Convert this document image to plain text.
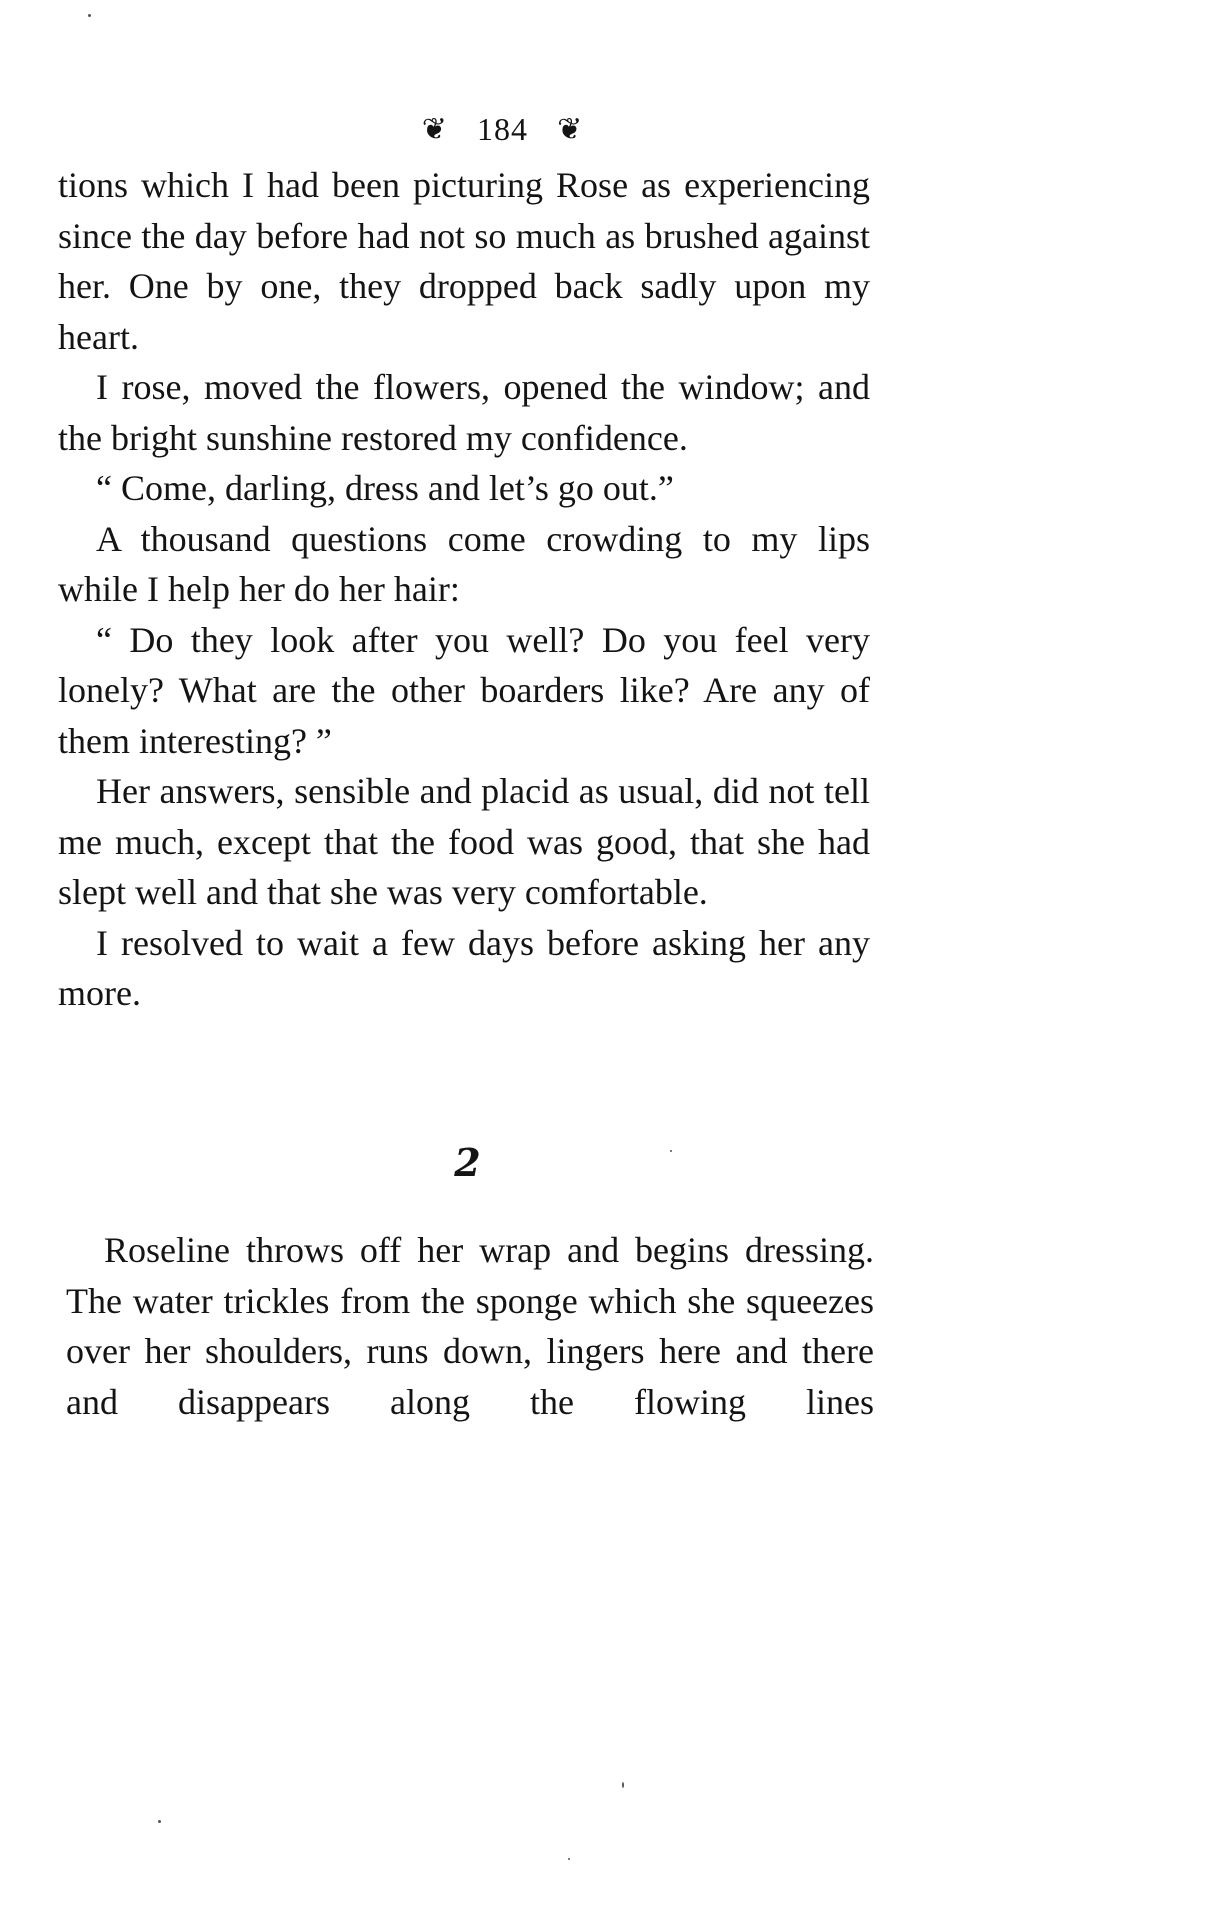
❦ 184 ❦

tions which I had been picturing Rose as experiencing since the day before had not so much as brushed against her. One by one, they dropped back sadly upon my heart.

I rose, moved the flowers, opened the window; and the bright sunshine restored my confidence.

“ Come, darling, dress and let’s go out.”

A thousand questions come crowding to my lips while I help her do her hair:

“ Do they look after you well? Do you feel very lonely? What are the other boarders like? Are any of them interesting? ”

Her answers, sensible and placid as usual, did not tell me much, except that the food was good, that she had slept well and that she was very comfortable.

I resolved to wait a few days before asking her any more.

2

Roseline throws off her wrap and begins dressing. The water trickles from the sponge which she squeezes over her shoulders, runs down, lingers here and there and disappears along the flowing lines
